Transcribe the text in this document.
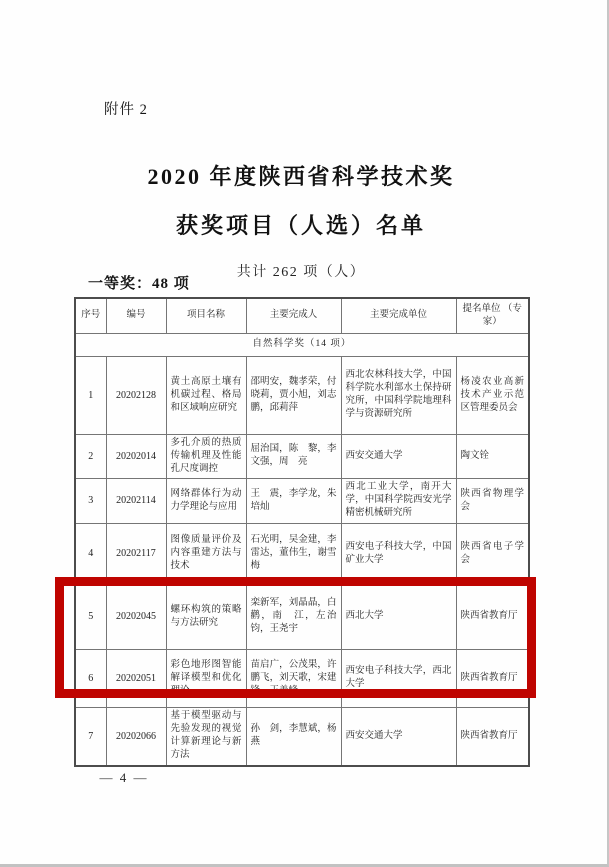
附件 2
2020 年度陕西省科学技术奖
获奖项目（人选）名单
共计 262 项（人）
一等奖：48 项
序号	编号	项目名称	主要完成人	主要完成单位	提名单位 （专家）
自然科学奖（14 项）					
1	20202128	黄土高原土壤有机碳过程、格局和区域响应研究	邵明安，魏孝荣，付晓莉，贾小旭，刘志鹏，邱莉萍	西北农林科技大学，中国科学院水利部水土保持研究所，中国科学院地理科学与资源研究所	杨凌农业高新技术产业示范区管理委员会
2	20202014	多孔介质的热质传输机理及性能孔尺度调控	屈治国，陈　黎，李文强，周　亮	西安交通大学	陶文铨
3	20202114	网络群体行为动力学理论与应用	王　震，李学龙，朱培灿	西北工业大学，南开大学，中国科学院西安光学精密机械研究所	陕西省物理学会
4	20202117	图像质量评价及内容重建方法与技术	石光明，吴金建，李雷达，董伟生，谢雪梅	西安电子科技大学，中国矿业大学	陕西省电子学会
5	20202045	螺环构筑的策略与方法研究	栾新军，刘晶晶，白　鹳，南　江，左治钧，王尧宇	西北大学	陕西省教育厅
6	20202051	彩色地形图智能解译模型和优化理论	苗启广，公茂果，许鹏飞，刘天歌，宋建锋，王善峰	西安电子科技大学，西北大学	陕西省教育厅
7	20202066	基于模型驱动与先验发现的视觉计算新理论与新方法	孙　剑，李慧斌，杨　燕	西安交通大学	陕西省教育厅
— 4 —
